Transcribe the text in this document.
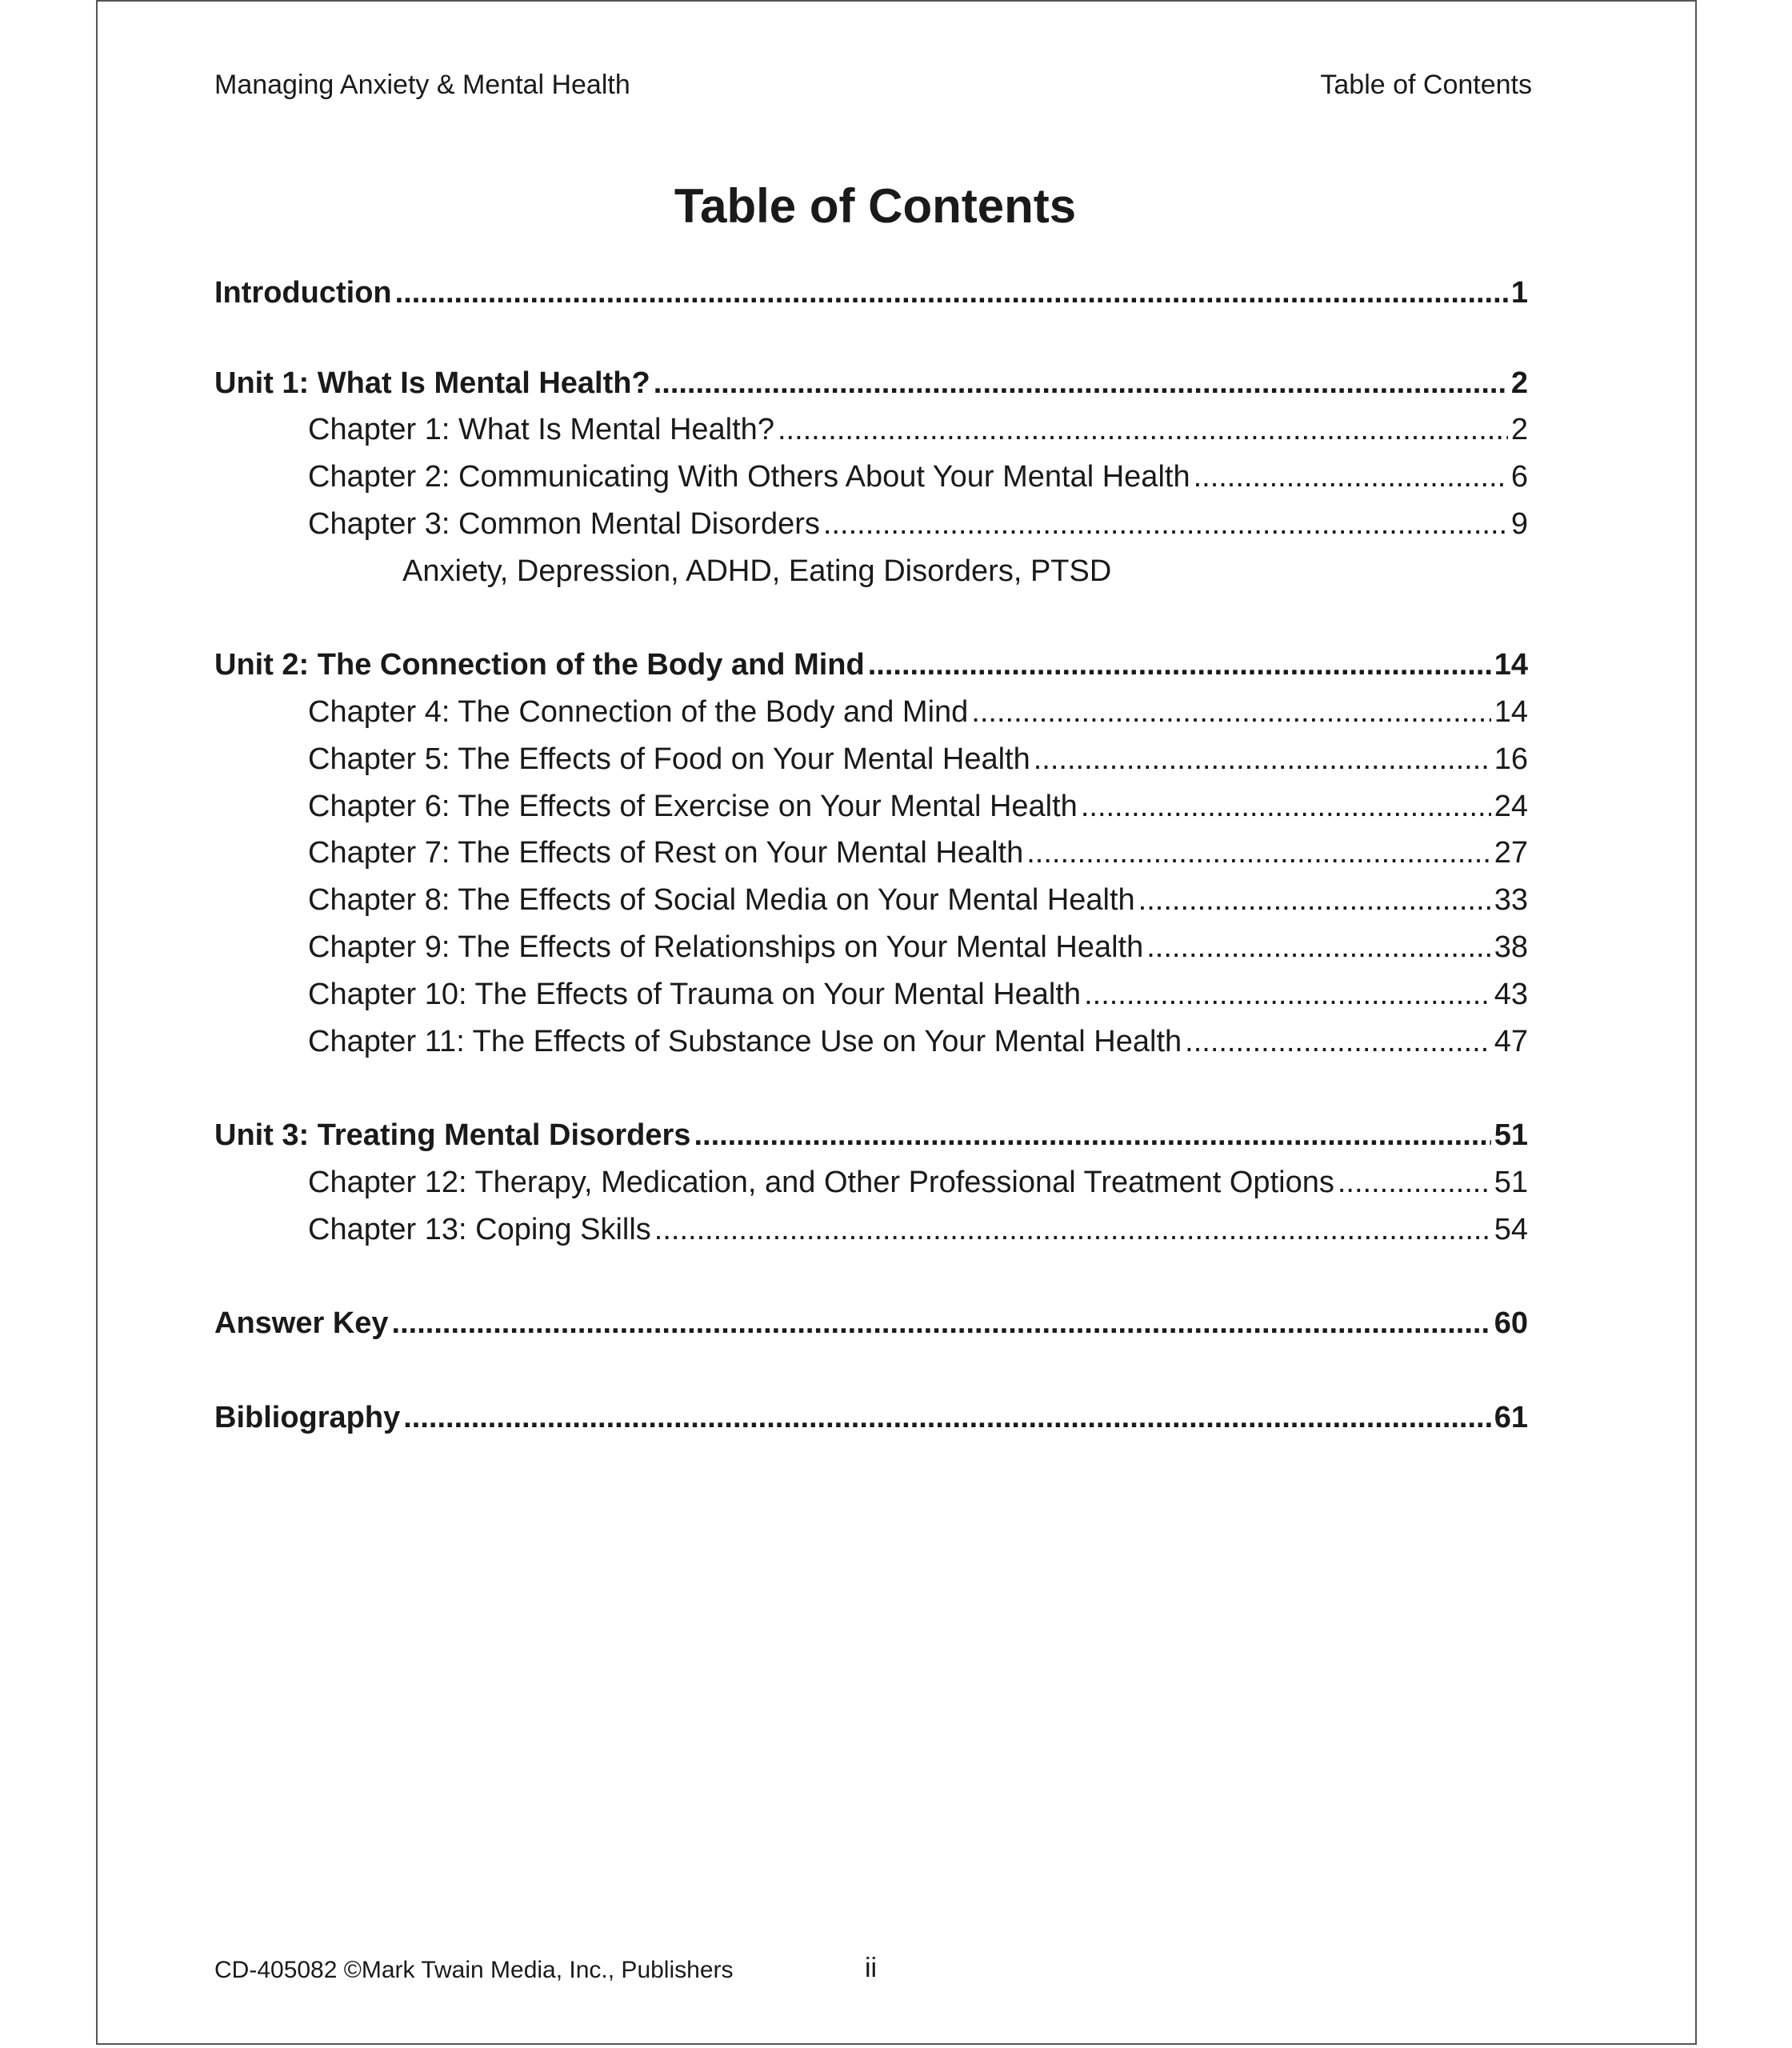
Managing Anxiety & Mental Health	Table of Contents
Table of Contents
Introduction .....	1
Unit 1: What Is Mental Health? .....	2
Chapter 1: What Is Mental Health? .....	2
Chapter 2: Communicating With Others About Your Mental Health .....	6
Chapter 3: Common Mental Disorders .....	9
Anxiety, Depression, ADHD, Eating Disorders, PTSD
Unit 2: The Connection of the Body and Mind .....	14
Chapter 4: The Connection of the Body and Mind .....	14
Chapter 5: The Effects of Food on Your Mental Health .....	16
Chapter 6: The Effects of Exercise on Your Mental Health .....	24
Chapter 7: The Effects of Rest on Your Mental Health .....	27
Chapter 8: The Effects of Social Media on Your Mental Health .....	33
Chapter 9: The Effects of Relationships on Your Mental Health .....	38
Chapter 10: The Effects of Trauma on Your Mental Health .....	43
Chapter 11: The Effects of Substance Use on Your Mental Health .....	47
Unit 3: Treating Mental Disorders .....	51
Chapter 12: Therapy, Medication, and Other Professional Treatment Options .....	51
Chapter 13: Coping Skills .....	54
Answer Key .....	60
Bibliography .....	61
CD-405082 ©Mark Twain Media, Inc., Publishers	ii
